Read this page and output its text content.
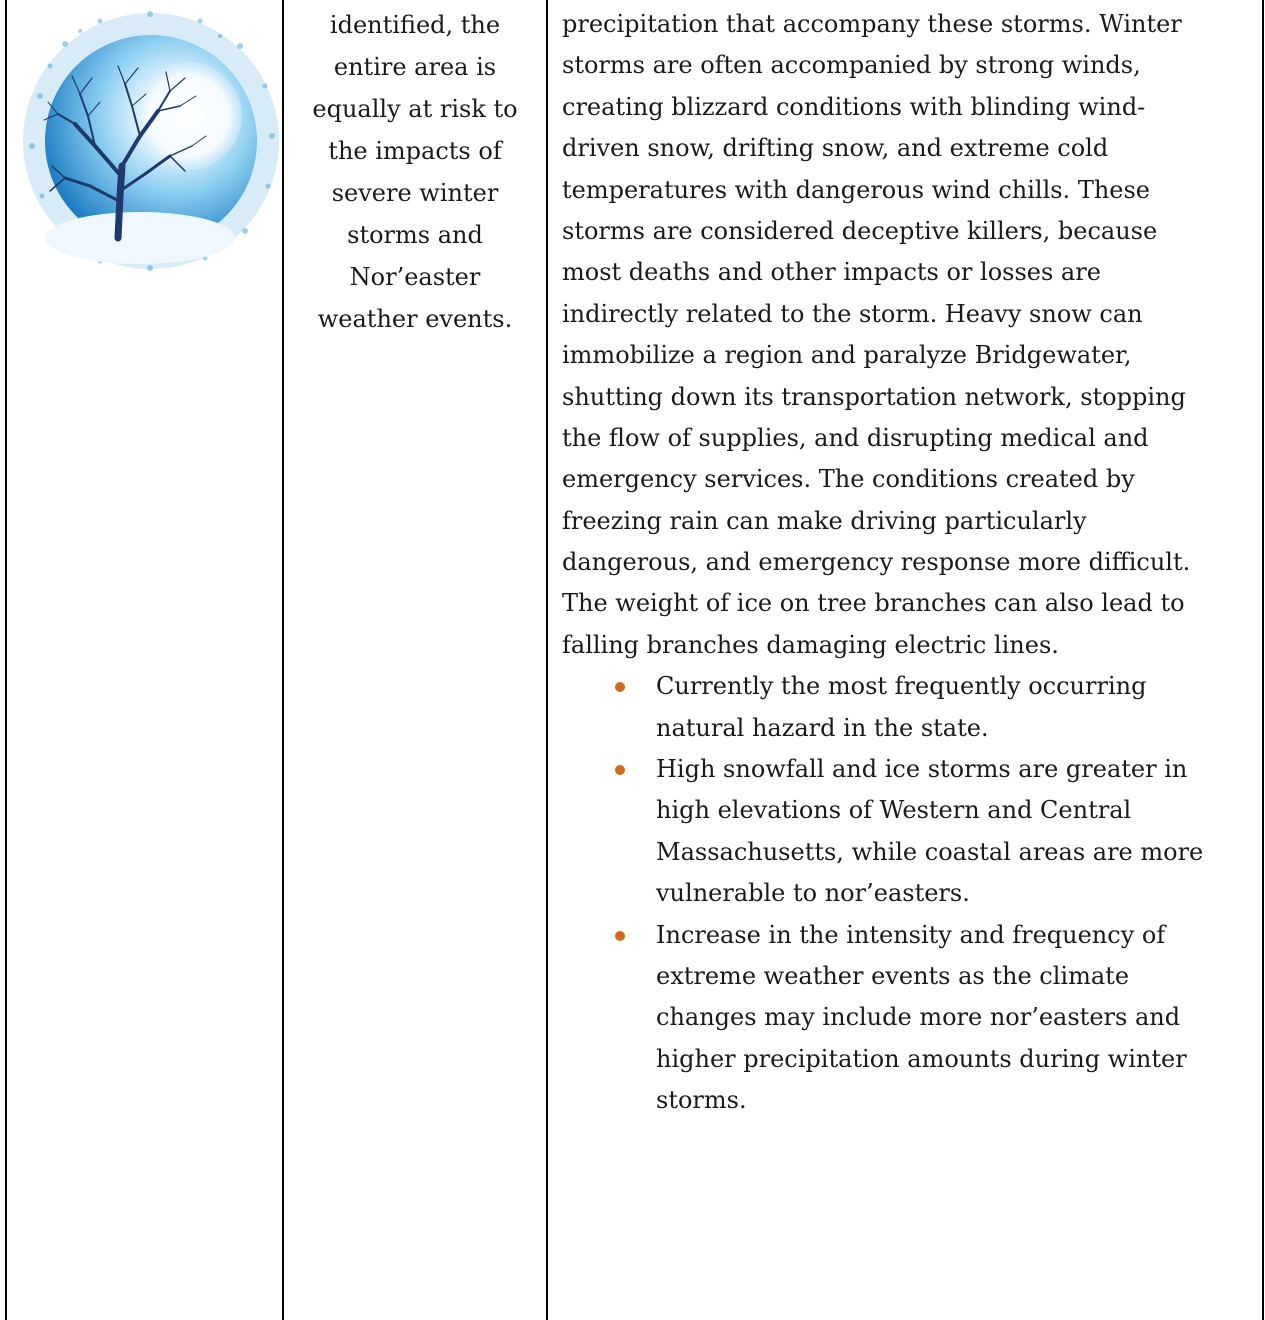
identified, the
entire area is
equally at risk to
the impacts of
severe winter
storms and
Nor’easter
weather events.
precipitation that accompany these storms. Winter
storms are often accompanied by strong winds,
creating blizzard conditions with blinding wind-
driven snow, drifting snow, and extreme cold
temperatures with dangerous wind chills. These
storms are considered deceptive killers, because
most deaths and other impacts or losses are
indirectly related to the storm. Heavy snow can
immobilize a region and paralyze Bridgewater,
shutting down its transportation network, stopping
the flow of supplies, and disrupting medical and
emergency services. The conditions created by
freezing rain can make driving particularly
dangerous, and emergency response more difficult.
The weight of ice on tree branches can also lead to
falling branches damaging electric lines.
Currently the most frequently occurring
natural hazard in the state.
High snowfall and ice storms are greater in
high elevations of Western and Central
Massachusetts, while coastal areas are more
vulnerable to nor’easters.
Increase in the intensity and frequency of
extreme weather events as the climate
changes may include more nor’easters and
higher precipitation amounts during winter
storms.
